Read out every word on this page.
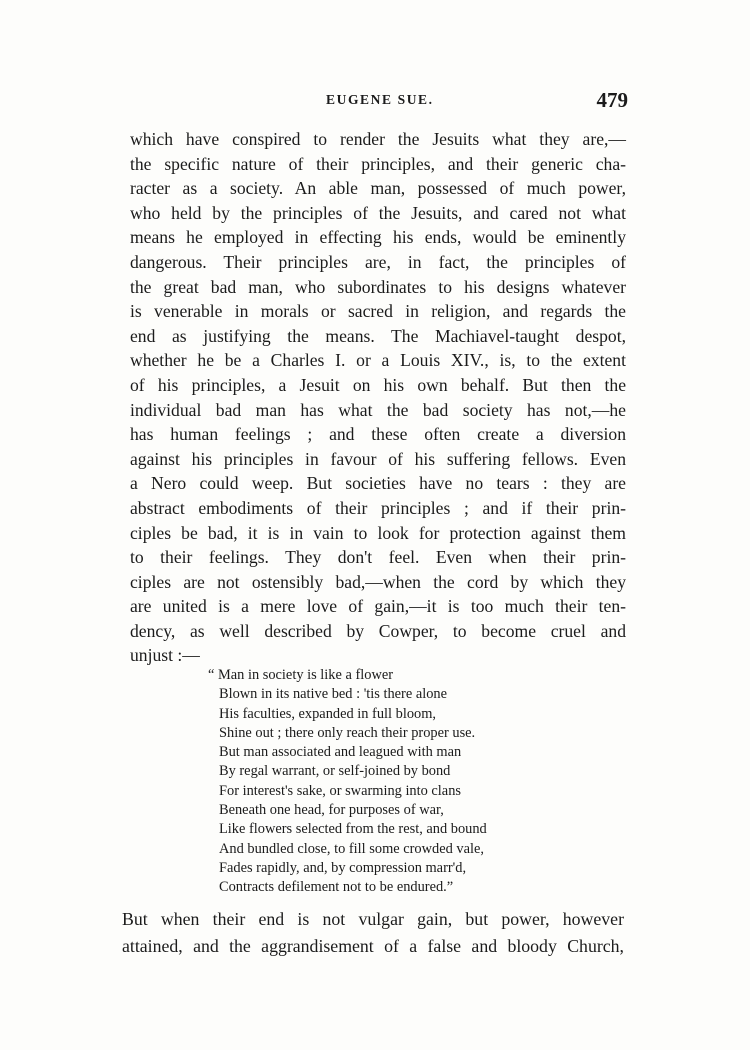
EUGENE SUE.	479
which have conspired to render the Jesuits what they are,—
the specific nature of their principles, and their generic cha-
racter as a society. An able man, possessed of much power,
who held by the principles of the Jesuits, and cared not what
means he employed in effecting his ends, would be eminently
dangerous. Their principles are, in fact, the principles of
the great bad man, who subordinates to his designs whatever
is venerable in morals or sacred in religion, and regards the
end as justifying the means. The Machiavel-taught despot,
whether he be a Charles I. or a Louis XIV., is, to the extent
of his principles, a Jesuit on his own behalf. But then the
individual bad man has what the bad society has not,—he
has human feelings ; and these often create a diversion
against his principles in favour of his suffering fellows. Even
a Nero could weep. But societies have no tears : they are
abstract embodiments of their principles ; and if their prin-
ciples be bad, it is in vain to look for protection against them
to their feelings. They don't feel. Even when their prin-
ciples are not ostensibly bad,—when the cord by which they
are united is a mere love of gain,—it is too much their ten-
dency, as well described by Cowper, to become cruel and
unjust :—
“ Man in society is like a flower
Blown in its native bed : 'tis there alone
His faculties, expanded in full bloom,
Shine out ; there only reach their proper use.
But man associated and leagued with man
By regal warrant, or self-joined by bond
For interest's sake, or swarming into clans
Beneath one head, for purposes of war,
Like flowers selected from the rest, and bound
And bundled close, to fill some crowded vale,
Fades rapidly, and, by compression marr'd,
Contracts defilement not to be endured.”
But when their end is not vulgar gain, but power, however
attained, and the aggrandisement of a false and bloody Church,
